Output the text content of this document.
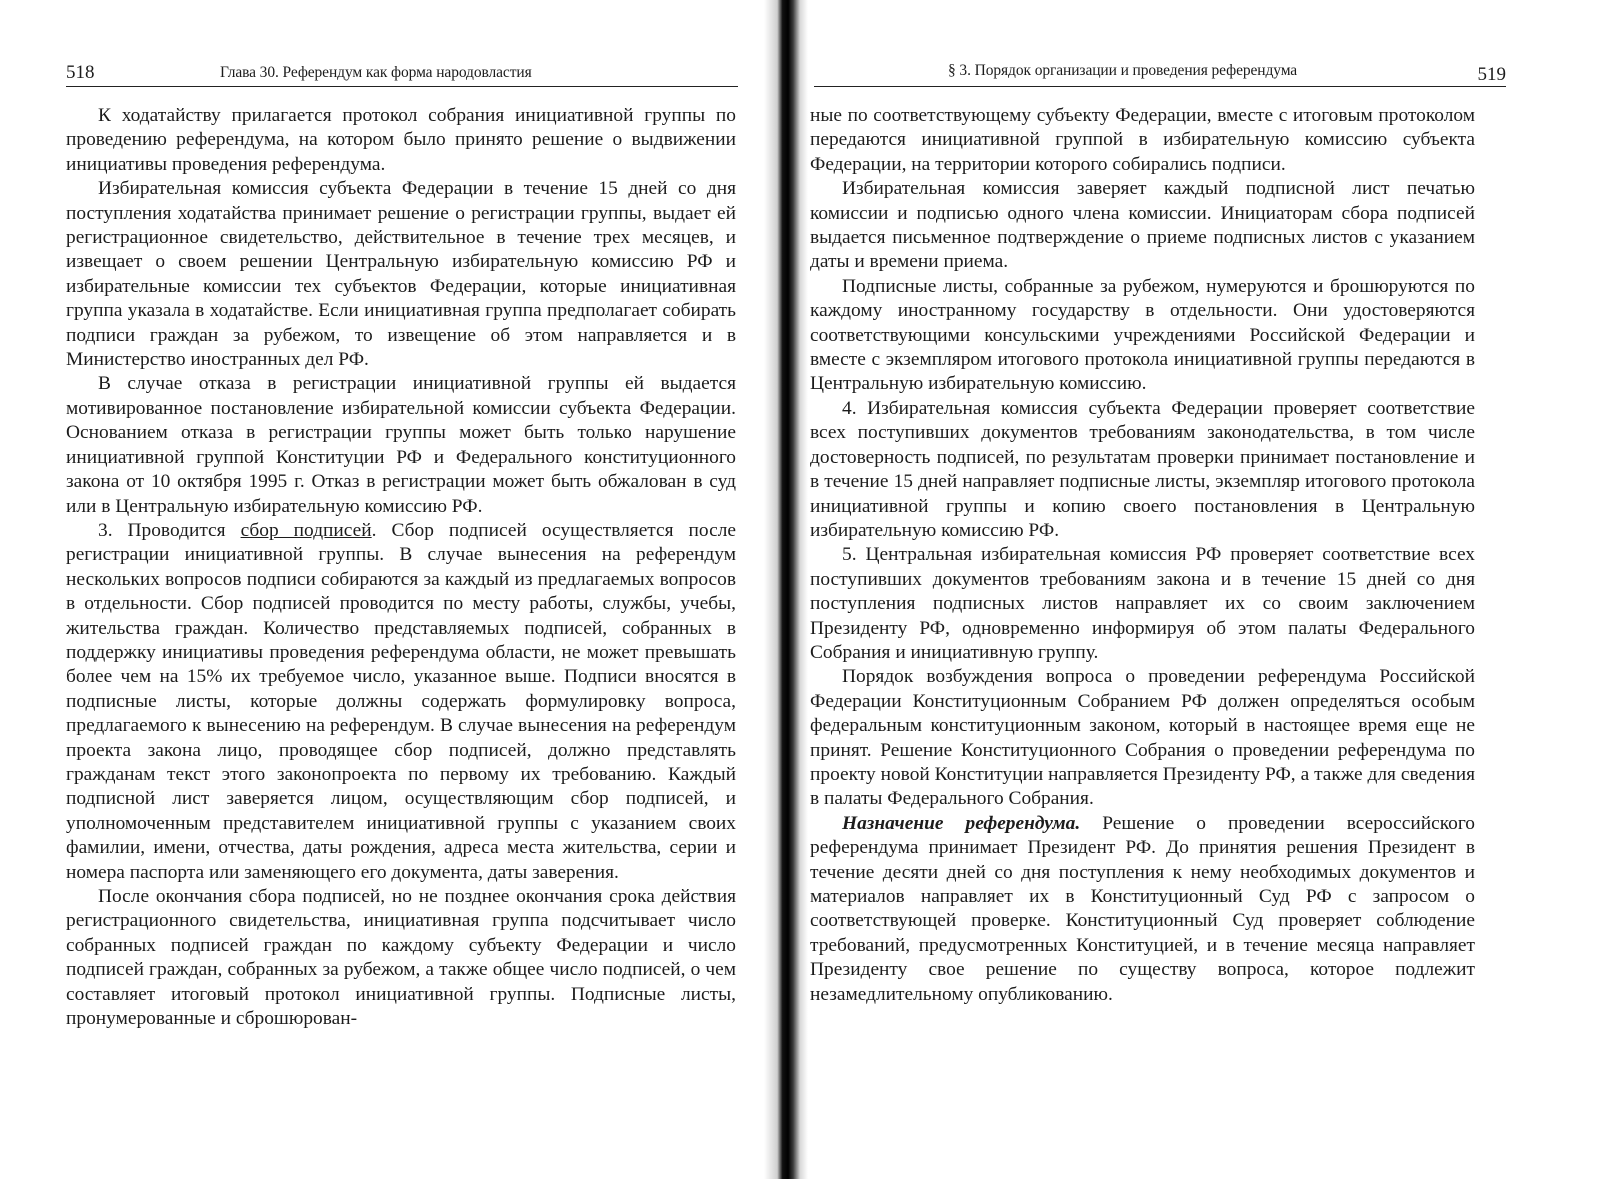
518	Глава 30. Референдум как форма народовластия

К ходатайству прилагается протокол собрания инициативной группы по проведению референдума, на котором было принято решение о выдвижении инициативы проведения референдума.

Избирательная комиссия субъекта Федерации в течение 15 дней со дня поступления ходатайства принимает решение о регистрации группы, выдает ей регистрационное свидетельство, действительное в течение трех месяцев, и извещает о своем решении Центральную избирательную комиссию РФ и избирательные комиссии тех субъектов Федерации, которые инициативная группа указала в ходатайстве. Если инициативная группа предполагает собирать подписи граждан за рубежом, то извещение об этом направляется и в Министерство иностранных дел РФ.

В случае отказа в регистрации инициативной группы ей выдается мотивированное постановление избирательной комиссии субъекта Федерации. Основанием отказа в регистрации группы может быть только нарушение инициативной группой Конституции РФ и Федерального конституционного закона от 10 октября 1995 г. Отказ в регистрации может быть обжалован в суд или в Центральную избирательную комиссию РФ.

3. Проводится сбор подписей. Сбор подписей осуществляется после регистрации инициативной группы. В случае вынесения на референдум нескольких вопросов подписи собираются за каждый из предлагаемых вопросов в отдельности. Сбор подписей проводится по месту работы, службы, учебы, жительства граждан. Количество представляемых подписей, собранных в поддержку инициативы проведения референдума области, не может превышать более чем на 15% их требуемое число, указанное выше. Подписи вносятся в подписные листы, которые должны содержать формулировку вопроса, предлагаемого к вынесению на референдум. В случае вынесения на референдум проекта закона лицо, проводящее сбор подписей, должно представлять гражданам текст этого законопроекта по первому их требованию. Каждый подписной лист заверяется лицом, осуществляющим сбор подписей, и уполномоченным представителем инициативной группы с указанием своих фамилии, имени, отчества, даты рождения, адреса места жительства, серии и номера паспорта или заменяющего его документа, даты заверения.

После окончания сбора подписей, но не позднее окончания срока действия регистрационного свидетельства, инициативная группа подсчитывает число собранных подписей граждан по каждому субъекту Федерации и число подписей граждан, собранных за рубежом, а также общее число подписей, о чем составляет итоговый протокол инициативной группы. Подписные листы, пронумерованные и сброшюрован-

§ 3. Порядок организации и проведения референдума	519

ные по соответствующему субъекту Федерации, вместе с итоговым протоколом передаются инициативной группой в избирательную комиссию субъекта Федерации, на территории которого собирались подписи.

Избирательная комиссия заверяет каждый подписной лист печатью комиссии и подписью одного члена комиссии. Инициаторам сбора подписей выдается письменное подтверждение о приеме подписных листов с указанием даты и времени приема.

Подписные листы, собранные за рубежом, нумеруются и брошюруются по каждому иностранному государству в отдельности. Они удостоверяются соответствующими консульскими учреждениями Российской Федерации и вместе с экземпляром итогового протокола инициативной группы передаются в Центральную избирательную комиссию.

4. Избирательная комиссия субъекта Федерации проверяет соответствие всех поступивших документов требованиям законодательства, в том числе достоверность подписей, по результатам проверки принимает постановление и в течение 15 дней направляет подписные листы, экземпляр итогового протокола инициативной группы и копию своего постановления в Центральную избирательную комиссию РФ.

5. Центральная избирательная комиссия РФ проверяет соответствие всех поступивших документов требованиям закона и в течение 15 дней со дня поступления подписных листов направляет их со своим заключением Президенту РФ, одновременно информируя об этом палаты Федерального Собрания и инициативную группу.

Порядок возбуждения вопроса о проведении референдума Российской Федерации Конституционным Собранием РФ должен определяться особым федеральным конституционным законом, который в настоящее время еще не принят. Решение Конституционного Собрания о проведении референдума по проекту новой Конституции направляется Президенту РФ, а также для сведения в палаты Федерального Собрания.

Назначение референдума. Решение о проведении всероссийского референдума принимает Президент РФ. До принятия решения Президент в течение десяти дней со дня поступления к нему необходимых документов и материалов направляет их в Конституционный Суд РФ с запросом о соответствующей проверке. Конституционный Суд проверяет соблюдение требований, предусмотренных Конституцией, и в течение месяца направляет Президенту свое решение по существу вопроса, которое подлежит незамедлительному опубликованию.
